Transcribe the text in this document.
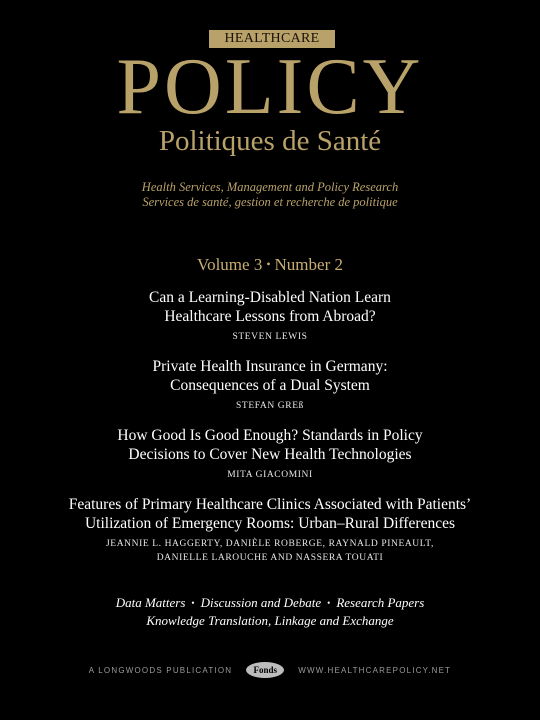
HEALTHCARE
POLICY
Politiques de Santé
Health Services, Management and Policy Research
Services de santé, gestion et recherche de politique
Volume 3 • Number 2
Can a Learning-Disabled Nation Learn
Healthcare Lessons from Abroad?
STEVEN LEWIS
Private Health Insurance in Germany:
Consequences of a Dual System
STEFAN GREß
How Good Is Good Enough? Standards in Policy
Decisions to Cover New Health Technologies
MITA GIACOMINI
Features of Primary Healthcare Clinics Associated with Patients’
Utilization of Emergency Rooms: Urban–Rural Differences
JEANNIE L. HAGGERTY, DANIÈLE ROBERGE, RAYNALD PINEAULT,
DANIELLE LAROUCHE AND NASSERA TOUATI
Data Matters • Discussion and Debate • Research Papers
Knowledge Translation, Linkage and Exchange
A LONGWOODS PUBLICATION	Fonds	WWW.HEALTHCAREPOLICY.NET
